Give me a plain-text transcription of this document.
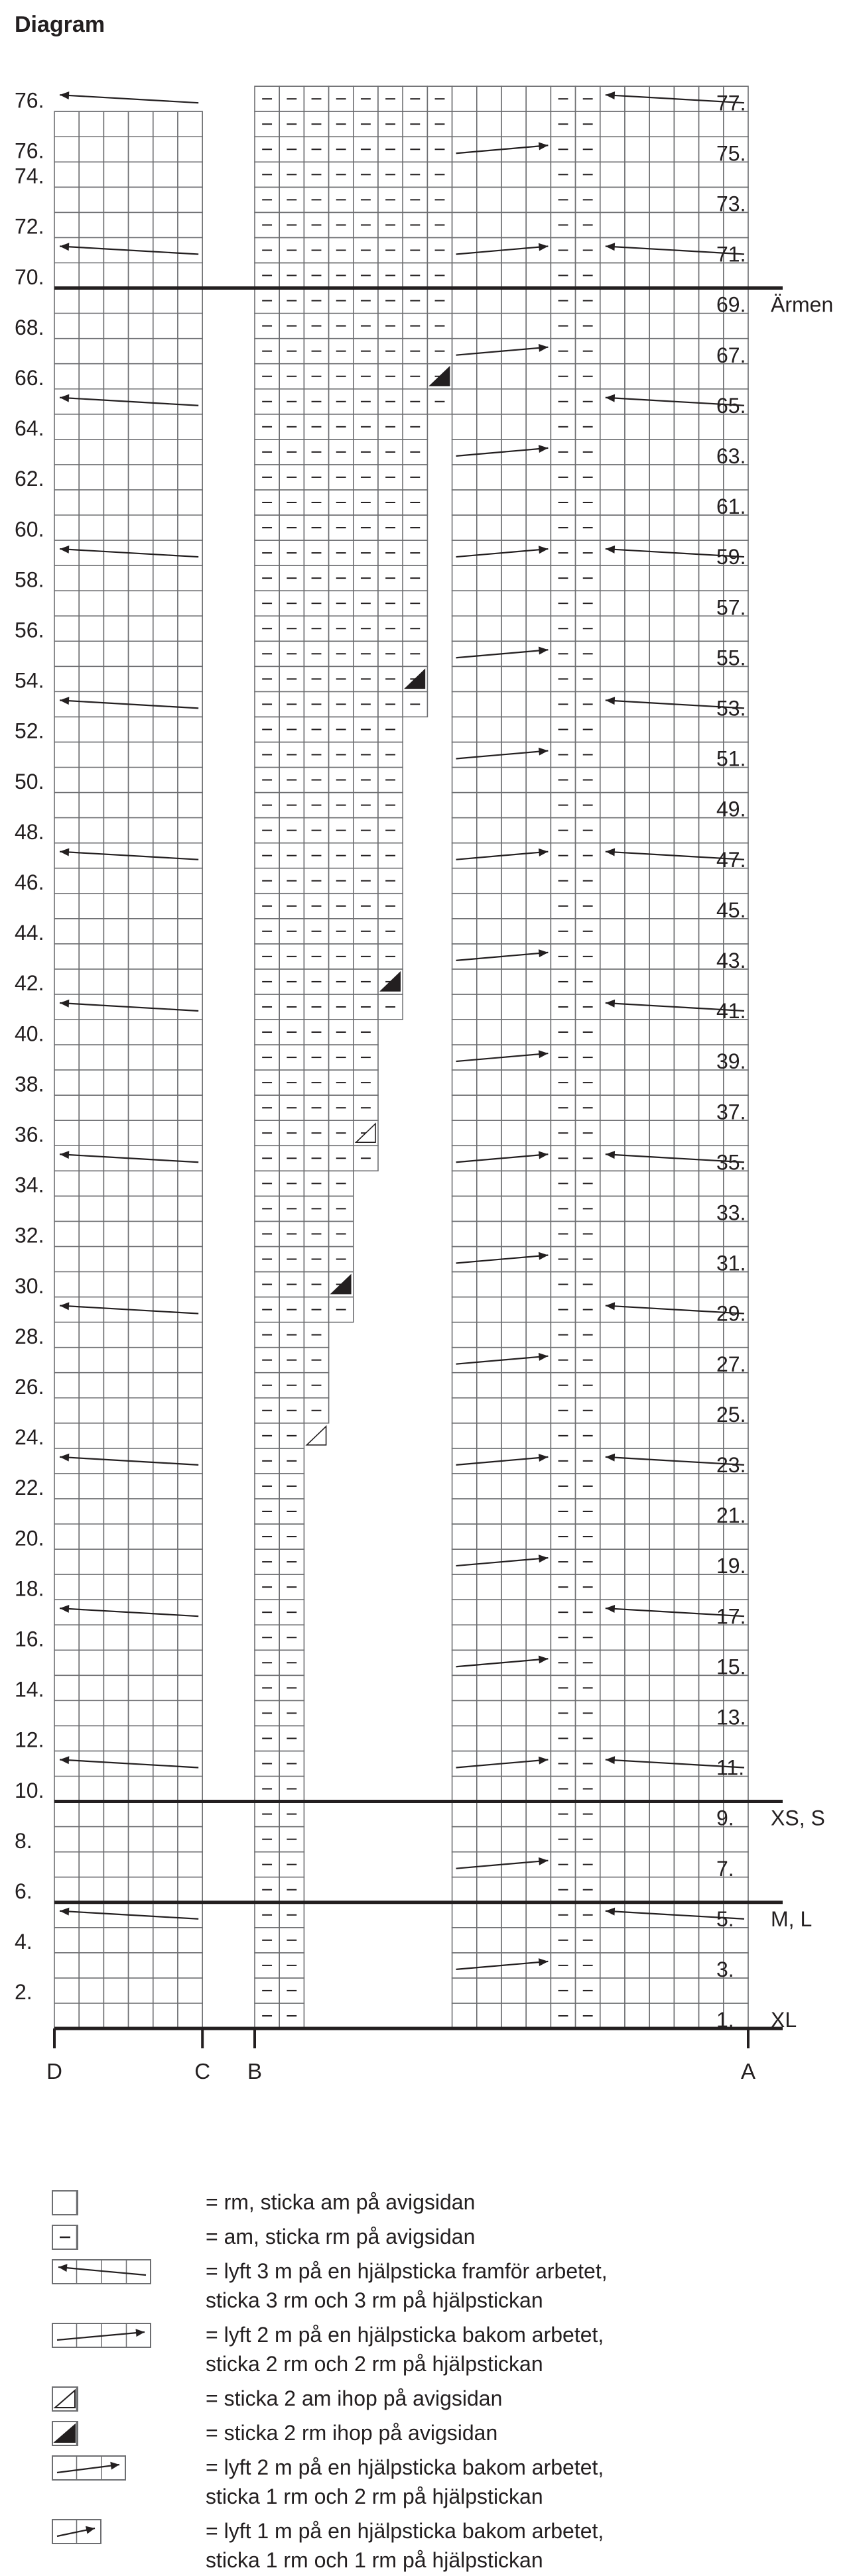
Diagram
D	C B	A
76.
76.
74.
72.
70.
68.
66.
64.
62.
60.
58.
56.
54.
52.
50.
48.
46.
44.
42.
40.
38.
36.
34.
32.
30.
28.
26.
24.
22.
20.
18.
16.
14.
12.
10.
8.
6.
4.
2.
77.
75.
73.
71.
69.
67.
65.
63.
61.
59.
57.
55.
53.
51.
49.
47.
45.
43.
41.
39.
37.
35.
33.
31.
29.
27.
25.
23.
21.
19.
17.
15.
13.
11.
9.
7.
5.
3.
1.
Ärmen
XS, S
M, L
XL
= rm, sticka am på avigsidan
= am, sticka rm på avigsidan
= lyft 3 m på en hjälpsticka framför arbetet,
sticka 3 rm och 3 rm på hjälpstickan
= lyft 2 m på en hjälpsticka bakom arbetet,
sticka 2 rm och 2 rm på hjälpstickan
= sticka 2 am ihop på avigsidan
= sticka 2 rm ihop på avigsidan
= lyft 2 m på en hjälpsticka bakom arbetet,
sticka 1 rm och 2 rm på hjälpstickan
= lyft 1 m på en hjälpsticka bakom arbetet,
sticka 1 rm och 1 rm på hjälpstickan
